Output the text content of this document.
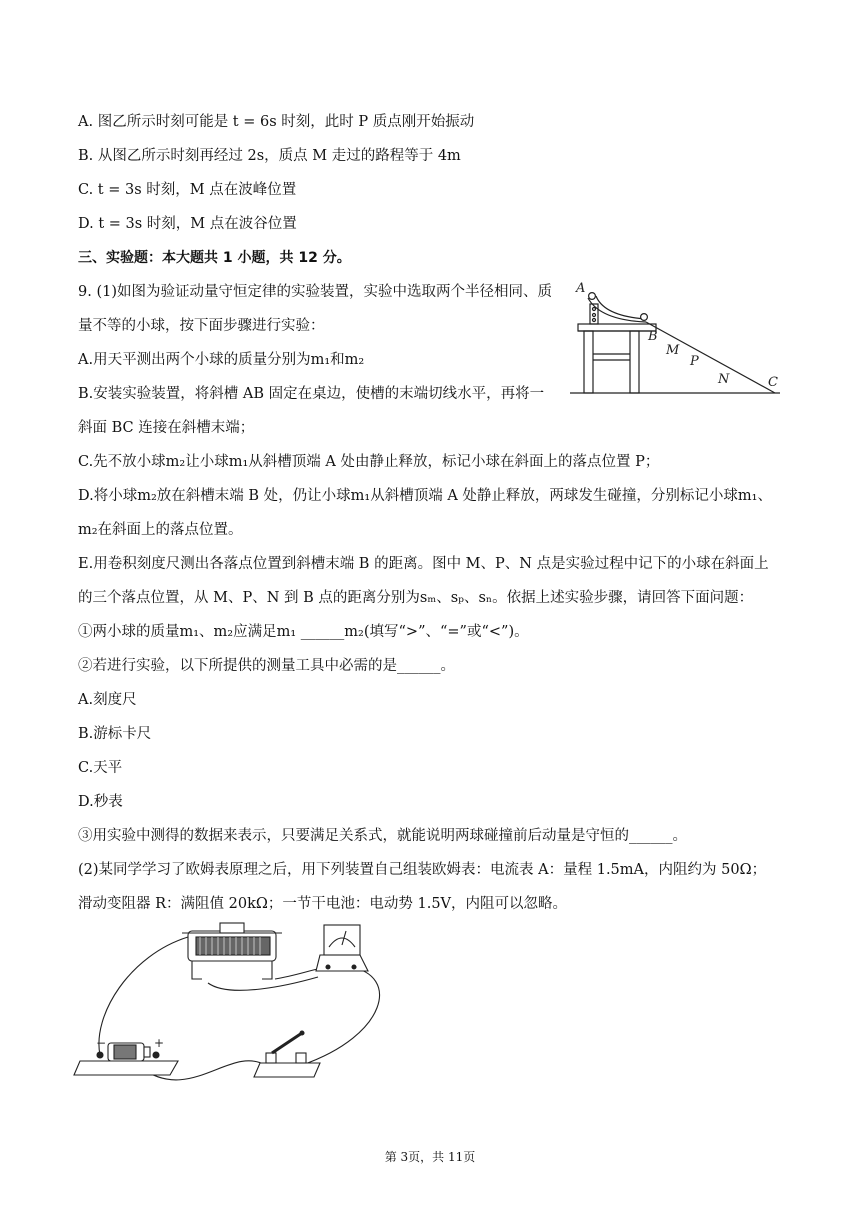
A. 图乙所示时刻可能是 t = 6s 时刻，此时 P 质点刚开始振动
B. 从图乙所示时刻再经过 2s，质点 M 走过的路程等于 4m
C. t = 3s 时刻，M 点在波峰位置
D. t = 3s 时刻，M 点在波谷位置
三、实验题：本大题共 1 小题，共 12 分。
9. (1)如图为验证动量守恒定律的实验装置，实验中选取两个半径相同、质
量不等的小球，按下面步骤进行实验：
A.用天平测出两个小球的质量分别为m₁和m₂
B.安装实验装置，将斜槽 AB 固定在桌边，使槽的末端切线水平，再将一
斜面 BC 连接在斜槽末端；
C.先不放小球m₂让小球m₁从斜槽顶端 A 处由静止释放，标记小球在斜面上的落点位置 P；
D.将小球m₂放在斜槽末端 B 处，仍让小球m₁从斜槽顶端 A 处静止释放，两球发生碰撞，分别标记小球m₁、
m₂在斜面上的落点位置。
E.用卷积刻度尺测出各落点位置到斜槽末端 B 的距离。图中 M、P、N 点是实验过程中记下的小球在斜面上
的三个落点位置，从 M、P、N 到 B 点的距离分别为sₘ、sₚ、sₙ。依据上述实验步骤，请回答下面问题：
①两小球的质量m₁、m₂应满足m₁ ______m₂(填写“>”、“=”或“<”)。
②若进行实验，以下所提供的测量工具中必需的是______。
A.刻度尺
B.游标卡尺
C.天平
D.秒表
③用实验中测得的数据来表示，只要满足关系式，就能说明两球碰撞前后动量是守恒的______。
(2)某同学学习了欧姆表原理之后，用下列装置自己组装欧姆表：电流表 A：量程 1.5mA，内阻约为 50Ω；
滑动变阻器 R：满阻值 20kΩ；一节干电池：电动势 1.5V，内阻可以忽略。
A
B
M
P
N	C
−	+
第 3页，共 11页
